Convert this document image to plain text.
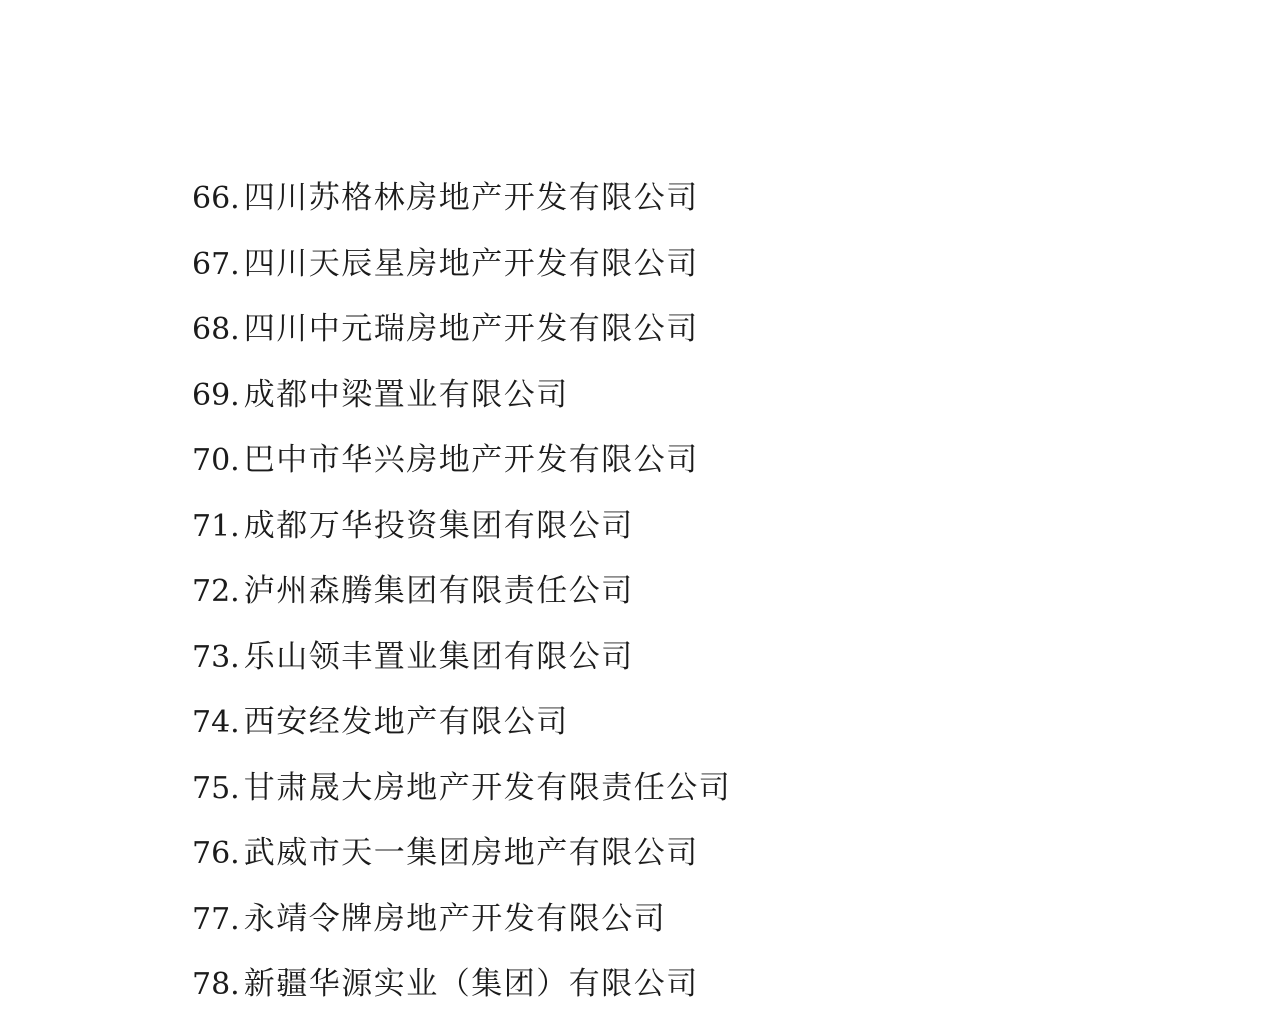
66. 四川苏格林房地产开发有限公司
67. 四川天辰星房地产开发有限公司
68. 四川中元瑞房地产开发有限公司
69. 成都中梁置业有限公司
70. 巴中市华兴房地产开发有限公司
71. 成都万华投资集团有限公司
72. 泸州森腾集团有限责任公司
73. 乐山领丰置业集团有限公司
74. 西安经发地产有限公司
75. 甘肃晟大房地产开发有限责任公司
76. 武威市天一集团房地产有限公司
77. 永靖令牌房地产开发有限公司
78. 新疆华源实业（集团）有限公司
